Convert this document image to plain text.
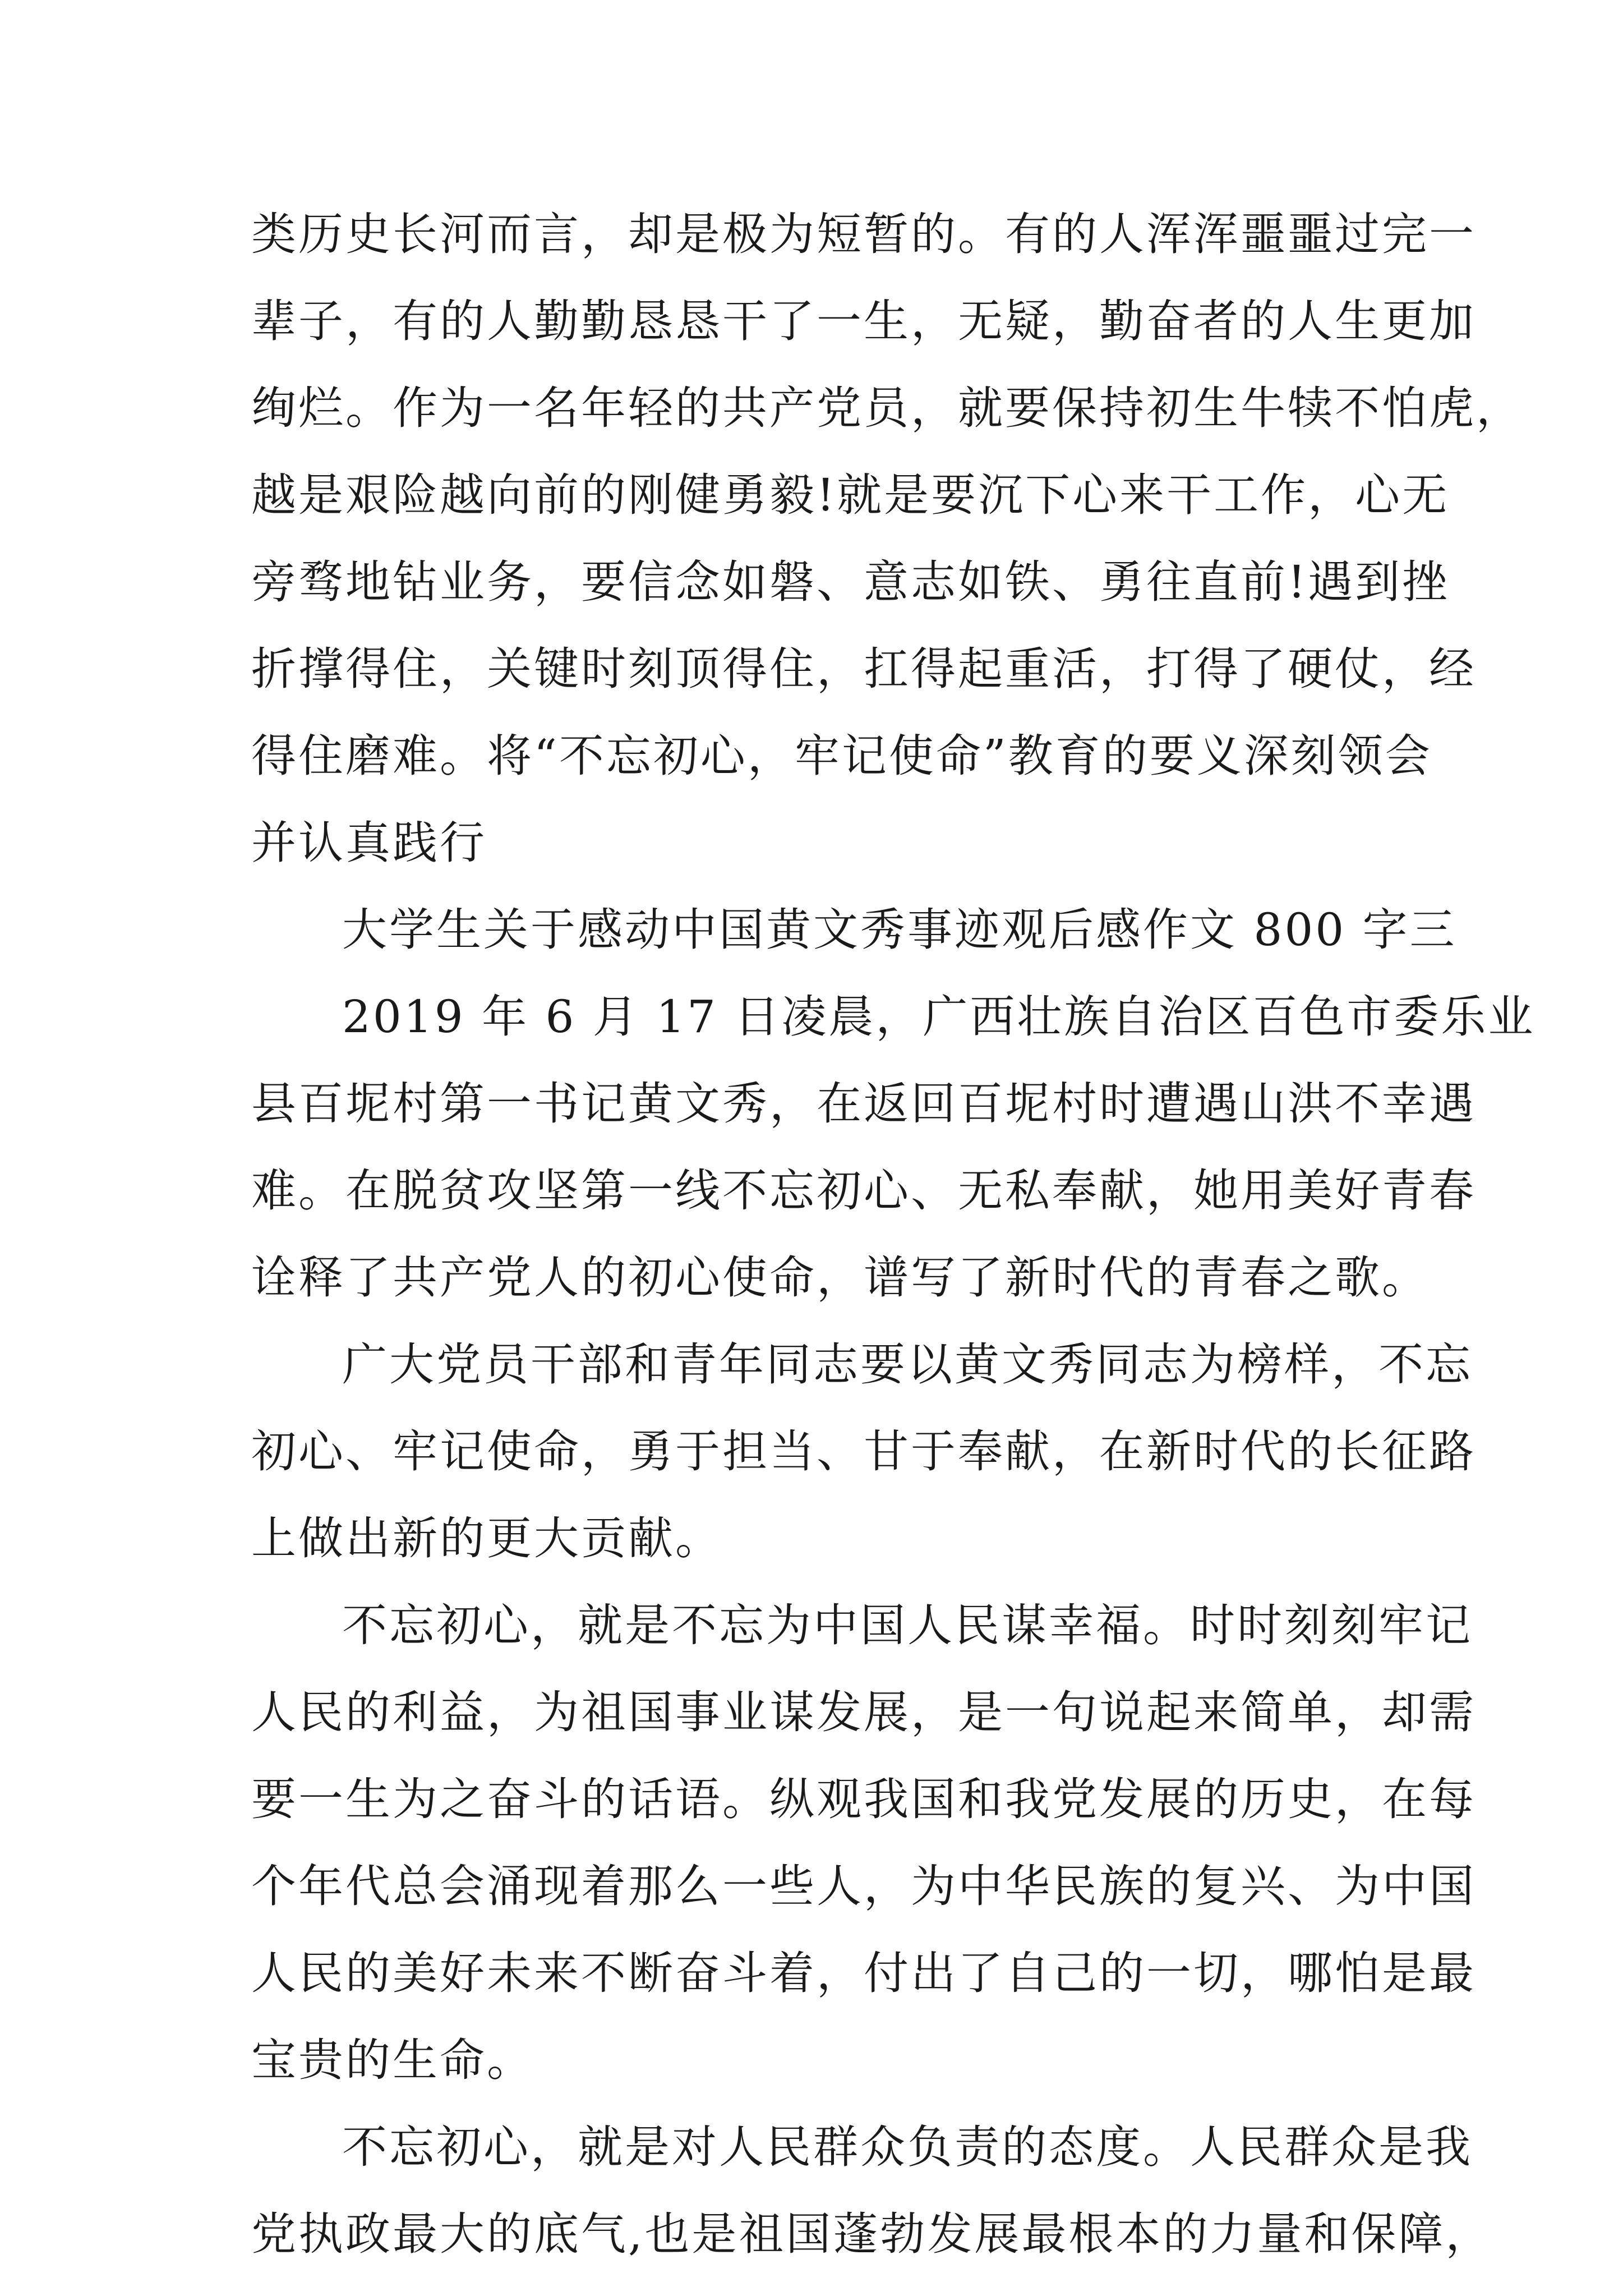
类历史长河而言，却是极为短暂的。有的人浑浑噩噩过完一
辈子，有的人勤勤恳恳干了一生，无疑，勤奋者的人生更加
绚烂。作为一名年轻的共产党员，就要保持初生牛犊不怕虎，
越是艰险越向前的刚健勇毅!就是要沉下心来干工作，心无
旁骛地钻业务，要信念如磐、意志如铁、勇往直前!遇到挫
折撑得住，关键时刻顶得住，扛得起重活，打得了硬仗，经
得住磨难。将“不忘初心，牢记使命”教育的要义深刻领会
并认真践行
大学生关于感动中国黄文秀事迹观后感作文 800 字三
2019 年 6 月 17 日凌晨，广西壮族自治区百色市委乐业
县百坭村第一书记黄文秀，在返回百坭村时遭遇山洪不幸遇
难。在脱贫攻坚第一线不忘初心、无私奉献，她用美好青春
诠释了共产党人的初心使命，谱写了新时代的青春之歌。
广大党员干部和青年同志要以黄文秀同志为榜样，不忘
初心、牢记使命，勇于担当、甘于奉献，在新时代的长征路
上做出新的更大贡献。
不忘初心，就是不忘为中国人民谋幸福。时时刻刻牢记
人民的利益，为祖国事业谋发展，是一句说起来简单，却需
要一生为之奋斗的话语。纵观我国和我党发展的历史，在每
个年代总会涌现着那么一些人，为中华民族的复兴、为中国
人民的美好未来不断奋斗着，付出了自己的一切，哪怕是最
宝贵的生命。
不忘初心，就是对人民群众负责的态度。人民群众是我
党执政最大的底气,也是祖国蓬勃发展最根本的力量和保障，
